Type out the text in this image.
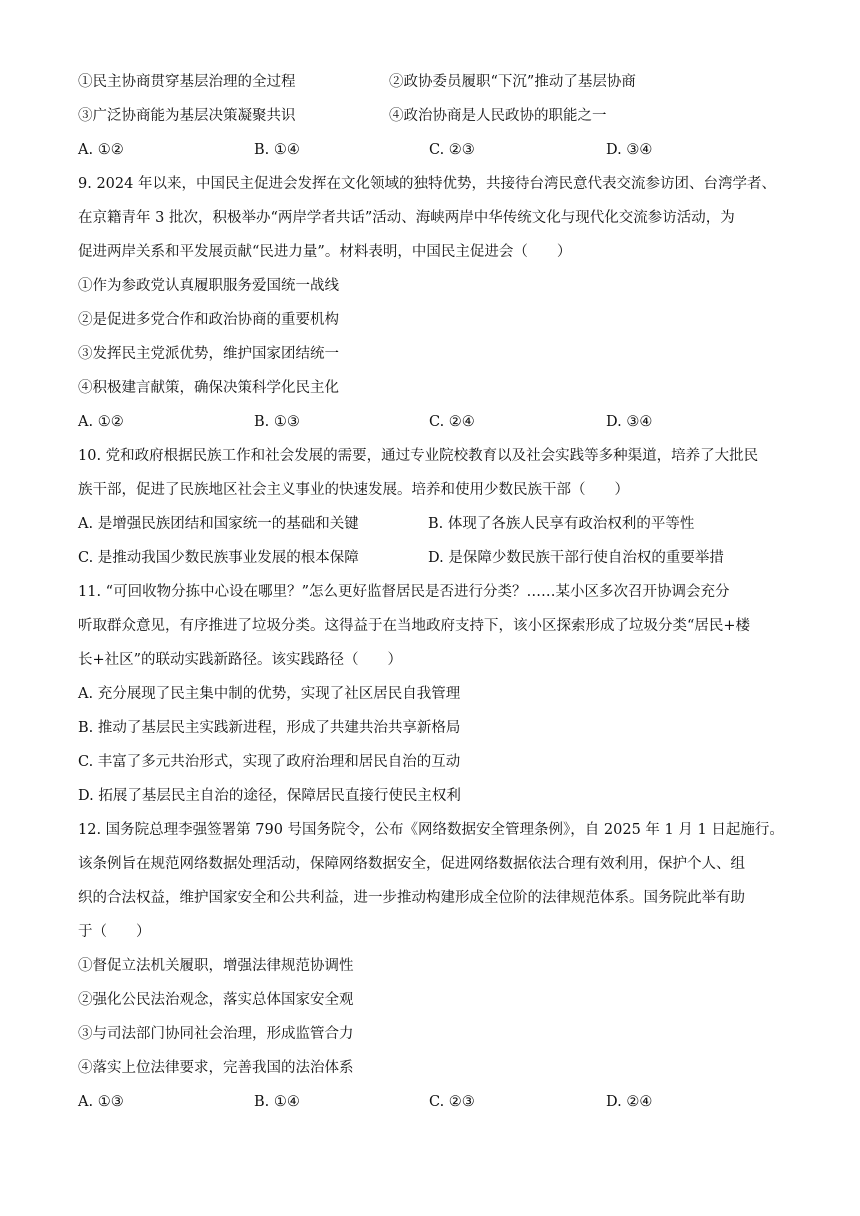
①民主协商贯穿基层治理的全过程	②政协委员履职“下沉”推动了基层协商
③广泛协商能为基层决策凝聚共识	④政治协商是人民政协的职能之一
A. ①②	B. ①④	C. ②③	D. ③④
9. 2024 年以来，中国民主促进会发挥在文化领域的独特优势，共接待台湾民意代表交流参访团、台湾学者、
在京籍青年 3 批次，积极举办“两岸学者共话”活动、海峡两岸中华传统文化与现代化交流参访活动，为
促进两岸关系和平发展贡献“民进力量”。材料表明，中国民主促进会（　　）
①作为参政党认真履职服务爱国统一战线
②是促进多党合作和政治协商的重要机构
③发挥民主党派优势，维护国家团结统一
④积极建言献策，确保决策科学化民主化
A. ①②	B. ①③	C. ②④	D. ③④
10. 党和政府根据民族工作和社会发展的需要，通过专业院校教育以及社会实践等多种渠道，培养了大批民
族干部，促进了民族地区社会主义事业的快速发展。培养和使用少数民族干部（　　）
A. 是增强民族团结和国家统一的基础和关键	B. 体现了各族人民享有政治权利的平等性
C. 是推动我国少数民族事业发展的根本保障	D. 是保障少数民族干部行使自治权的重要举措
11. “可回收物分拣中心设在哪里？”怎么更好监督居民是否进行分类？……某小区多次召开协调会充分
听取群众意见，有序推进了垃圾分类。这得益于在当地政府支持下，该小区探索形成了垃圾分类“居民+楼
长+社区”的联动实践新路径。该实践路径（　　）
A. 充分展现了民主集中制的优势，实现了社区居民自我管理
B. 推动了基层民主实践新进程，形成了共建共治共享新格局
C. 丰富了多元共治形式，实现了政府治理和居民自治的互动
D. 拓展了基层民主自治的途径，保障居民直接行使民主权利
12. 国务院总理李强签署第 790 号国务院令，公布《网络数据安全管理条例》，自 2025 年 1 月 1 日起施行。
该条例旨在规范网络数据处理活动，保障网络数据安全，促进网络数据依法合理有效利用，保护个人、组
织的合法权益，维护国家安全和公共利益，进一步推动构建形成全位阶的法律规范体系。国务院此举有助
于（　　）
①督促立法机关履职，增强法律规范协调性
②强化公民法治观念，落实总体国家安全观
③与司法部门协同社会治理，形成监管合力
④落实上位法律要求，完善我国的法治体系
A. ①③	B. ①④	C. ②③	D. ②④
